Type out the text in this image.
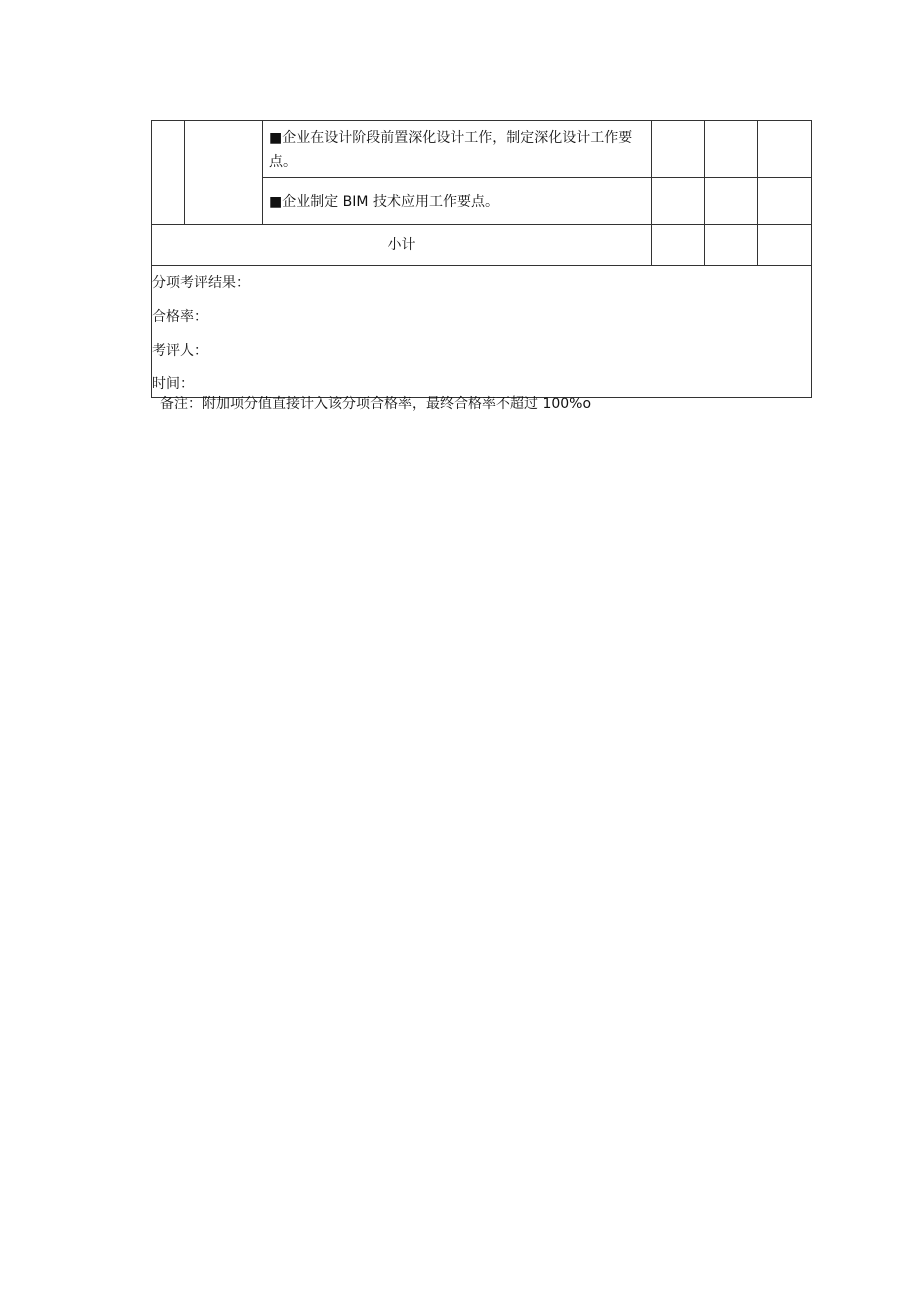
		■企业在设计阶段前置深化设计工作，制定深化设计工作要点。			
		■企业制定 BIM 技术应用工作要点。			
小计					

分项考评结果：
合格率：
考评人：
时间：					
备注：附加项分值直接计入该分项合格率，最终合格率不超过 100%o
